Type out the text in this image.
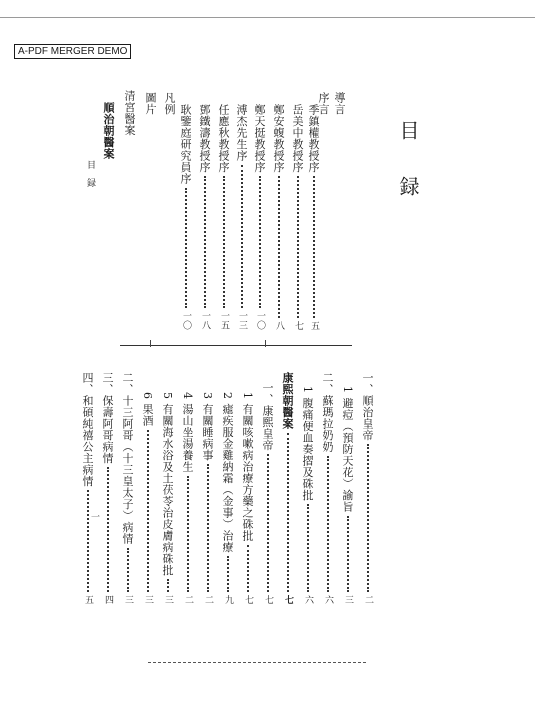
A-PDF MERGER DEMO
目　録
導言
序言
季鎮權教授序
五
岳美中教授序
七
鄭安蝮教授序
八
鄭天挺教授序
一〇
溥杰先生序
一三
任應秋教授序
一五
鄧鐵濤教授序
一八
耿鑒庭研究員序
一〇
凡例
圖片
清宮醫案
順治朝醫案
目　録
一、順治皇帝
二
1 避痘（預防天花）諭旨
三
二、蘇瑪拉奶奶
六
1 腹痛便血奏摺及硃批
六
康熙朝醫案
七
一、康熙皇帝
七
1 有關咳嗽病治療方藥之硃批
七
2 瘧疾服金雞納霜（金事）治療
九
3 有關睡病事
二
4 湯山坐湯養生
二
5 有關海水浴及土茯苓治皮膚病硃批
三
6 果酒
三
二、十三阿哥（十三皇太子）病情
三
三、保壽阿哥病情
四
四、和碩純禧公主病情
五
一
